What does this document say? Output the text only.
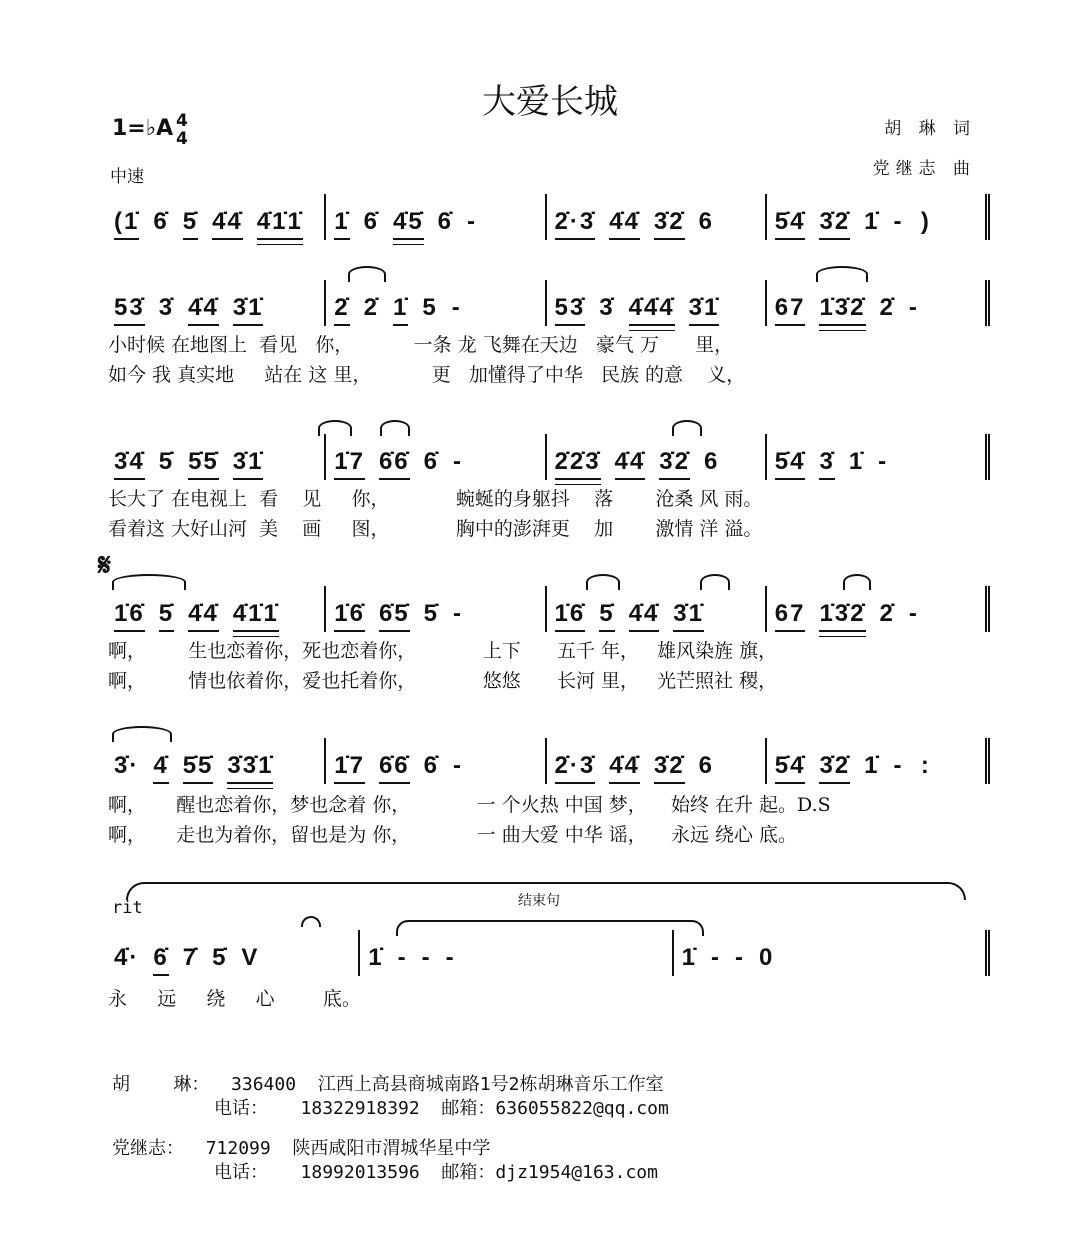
大爱长城
1=♭A 4
4
中速
胡 琳 词
党继志 曲
𝄋
rit	结束句
(1̇ 6̇ 5̇ 4̇4̇ 4̇1̇1̇ 1̇ 6̇ 4̇5̇ 6̇ -	2̇·3̇ 4̇4̇ 3̇2̇ 6	5̇4̇ 3̇2̇ 1̇ -  )
53̇ 3̇ 4̇4̇ 3̇1̇	2̇ 2̇ 1̇ 5 -	53̇ 3̇ 4̇4̇4̇ 3̇1̇ 67 1̇3̇2̇ 2̇ -
3̇4̇ 5̇ 5̇5̇ 3̇1̇	1̇7 6̇6̇ 6̇ -	2̇2̇3̇ 4̇4̇ 3̇2̇ 6 5̇4̇ 3̇ 1̇ -
1̇6̇ 5̇ 4̇4̇ 4̇1̇1̇ 1̇6̇ 6̇5̇ 5̇ -	1̇6̇ 5̇ 4̇4̇ 3̇1̇	67 1̇3̇2̇ 2̇ -
3̇· 4̇ 5̇5̇ 3̇3̇1̇	1̇7 6̇6̇ 6̇ -	2̇·3̇ 4̇4̇ 3̇2̇ 6	5̇4̇ 3̇2̇ 1̇ -  :
4̇· 6̇ 7̇ 5̇ V	1̇ - - -	1̇ - - 0
小时候 在地图上  看见   你，          一条 龙 飞舞在天边   豪气 万      里，
如今 我 真实地     站在 这 里，          更   加懂得了中华   民族 的意    义，
长大了 在电视上  看    见     你，           蜿蜒的身躯抖    落       沧桑 风 雨。
看着这 大好山河  美    画     图，           胸中的澎湃更    加       激情 洋 溢。
啊，       生也恋着你，死也恋着你，           上下      五千 年，   雄风染旌 旗，
啊，       情也依着你，爱也托着你，           悠悠      长河 里，   光芒照社 稷，
啊，     醒也恋着你，梦也念着 你，           一 个火热 中国 梦，    始终 在升 起。D.S
啊，     走也为着你，留也是为 你，           一 曲大爱 中华 谣，    永远 绕心 底。
永     远     绕     心        底。
胡    琳： 336400 江西上高县商城南路1号2栋胡琳音乐工作室
电话： 18322918392 邮箱：636055822@qq.com
党继志： 712099 陕西咸阳市渭城华星中学
电话： 18992013596 邮箱：djz1954@163.com
